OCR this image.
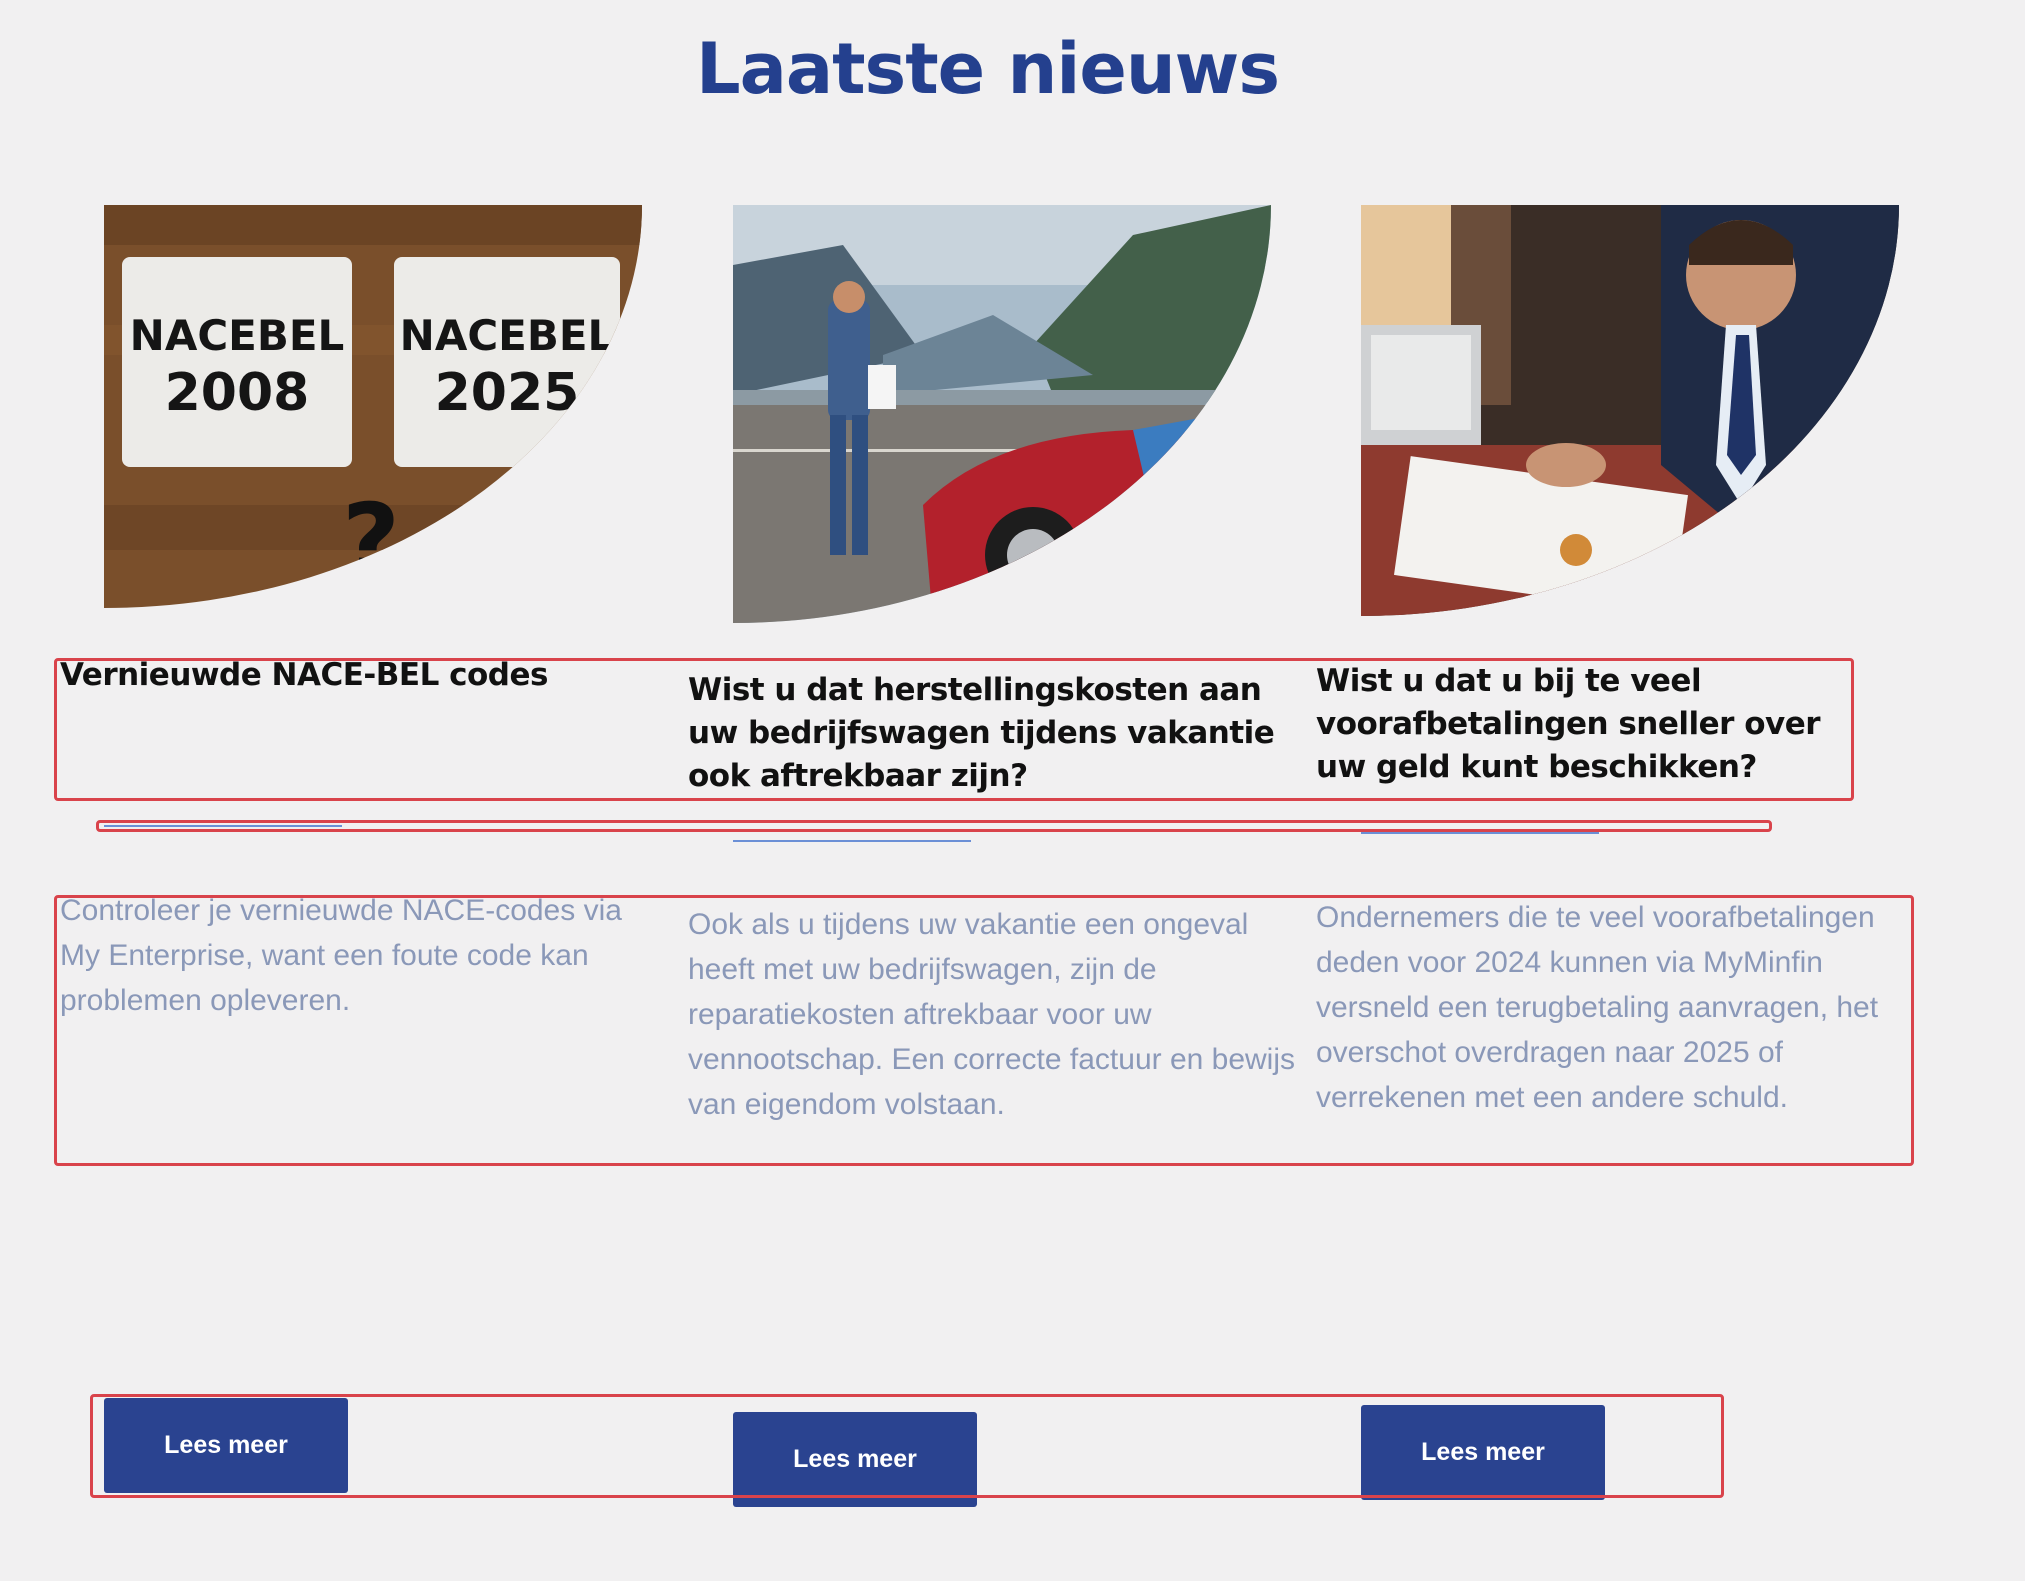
Laatste nieuws
NACEBEL
2008
NACEBEL
2025
?
Vernieuwde NACE-BEL codes	Wist u dat herstellingskosten aan uw bedrijfswagen tijdens vakantie ook aftrekbaar zijn?
Wist u dat u bij te veel voorafbetalingen sneller over uw geld kunt beschikken?

Controleer je vernieuwde NACE-codes via My Enterprise, want een foute code kan problemen opleveren.

Ook als u tijdens uw vakantie een ongeval heeft met uw bedrijfswagen, zijn de reparatiekosten aftrekbaar voor uw vennootschap. Een correcte factuur en bewijs van eigendom volstaan.

Ondernemers die te veel voorafbetalingen deden voor 2024 kunnen via MyMinfin versneld een terugbetaling aanvragen, het overschot overdragen naar 2025 of verrekenen met een andere schuld.

Lees meer	Lees meer	Lees meer
